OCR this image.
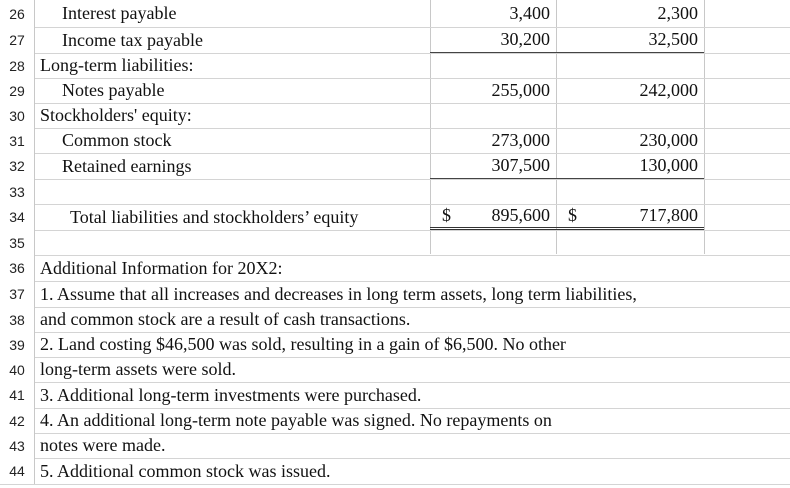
26	Interest payable	3,400	2,300
27	Income tax payable	30,200	32,500
28 Long-term liabilities:
29	Notes payable	255,000	242,000
30 Stockholders' equity:
31	Common stock	273,000	230,000
32	Retained earnings	307,500	130,000
33
34	Total liabilities and stockholders’ equity	$ 895,600 $	717,800
35
36 Additional Information for 20X2:
37 1. Assume that all increases and decreases in long term assets, long term liabilities,
38 and common stock are a result of cash transactions.
39 2. Land costing $46,500 was sold, resulting in a gain of $6,500. No other
40 long-term assets were sold.
41 3. Additional long-term investments were purchased.
42 4. An additional long-term note payable was signed. No repayments on
43 notes were made.
44 5. Additional common stock was issued.
